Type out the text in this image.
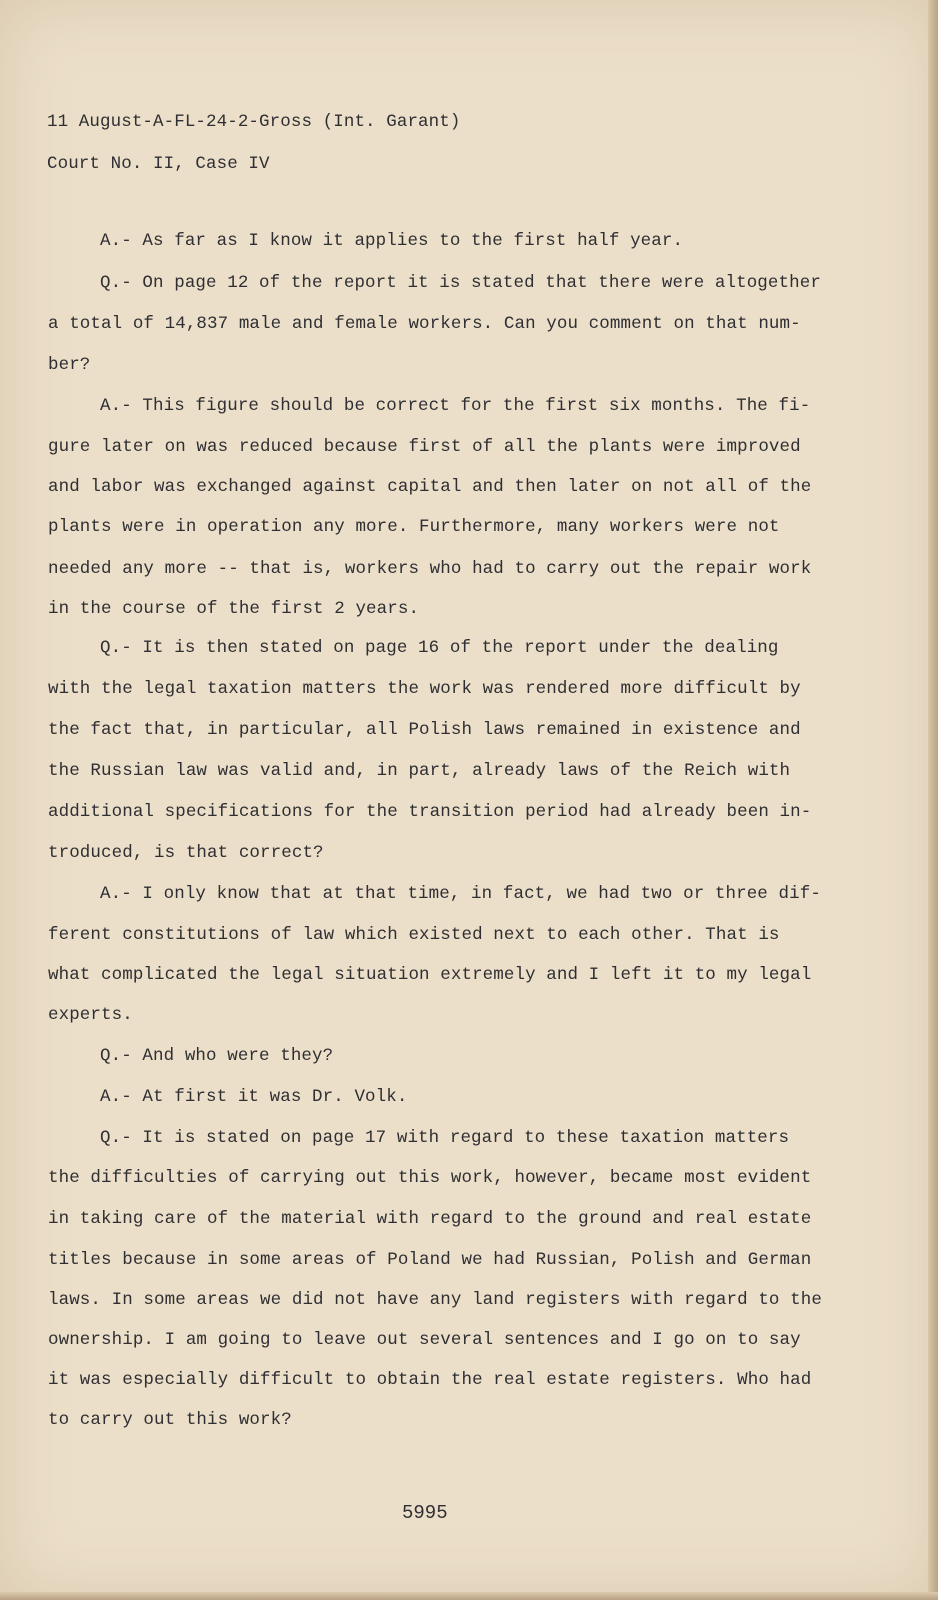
11 August-A-FL-24-2-Gross (Int. Garant)
Court No. II, Case IV
A.- As far as I know it applies to the first half year.
Q.- On page 12 of the report it is stated that there were altogether
a total of 14,837 male and female workers. Can you comment on that num-
ber?
A.- This figure should be correct for the first six months. The fi-
gure later on was reduced because first of all the plants were improved
and labor was exchanged against capital and then later on not all of the
plants were in operation any more. Furthermore, many workers were not
needed any more -- that is, workers who had to carry out the repair work
in the course of the first 2 years.
Q.- It is then stated on page 16 of the report under the dealing
with the legal taxation matters the work was rendered more difficult by
the fact that, in particular, all Polish laws remained in existence and
the Russian law was valid and, in part, already laws of the Reich with
additional specifications for the transition period had already been in-
troduced, is that correct?
A.- I only know that at that time, in fact, we had two or three dif-
ferent constitutions of law which existed next to each other. That is
what complicated the legal situation extremely and I left it to my legal
experts.
Q.- And who were they?
A.- At first it was Dr. Volk.
Q.- It is stated on page 17 with regard to these taxation matters
the difficulties of carrying out this work, however, became most evident
in taking care of the material with regard to the ground and real estate
titles because in some areas of Poland we had Russian, Polish and German
laws. In some areas we did not have any land registers with regard to the
ownership. I am going to leave out several sentences and I go on to say
it was especially difficult to obtain the real estate registers. Who had
to carry out this work?
5995
